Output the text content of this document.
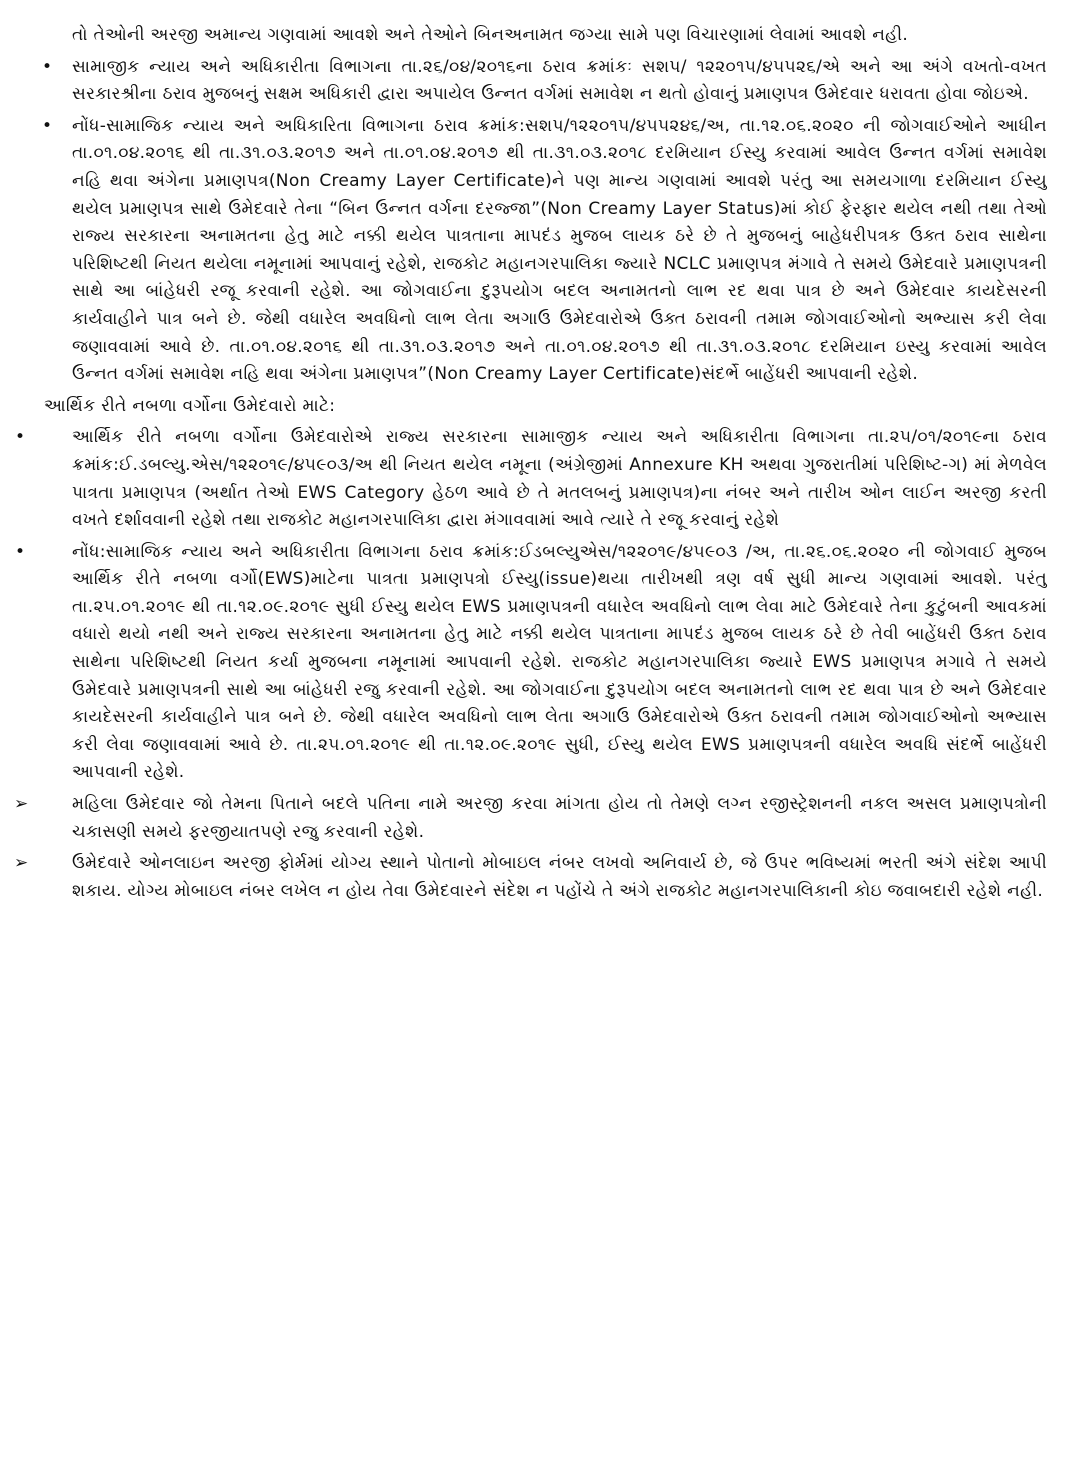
તો તેઓની અરજી અમાન્ય ગણવામાં આવશે અને તેઓને બિનઅનામત જગ્યા સામે પણ વિચારણામાં લેવામાં આવશે નહી.
• સામાજીક ન્યાય અને અધિકારીતા વિભાગના તા.૨૬/૦૪/૨૦૧૬ના ઠરાવ ક્રમાંકઃ સશપ/ ૧૨૨૦૧૫/૪૫૫૨૬/એ અને આ અંગે વખતો-વખત સરકારશ્રીના ઠરાવ મુજબનું સક્ષમ અધિકારી દ્વારા અપાયેલ ઉન્નત વર્ગમાં સમાવેશ ન થતો હોવાનું પ્રમાણપત્ર ઉમેદવાર ધરાવતા હોવા જોઇએ.
• નોંધ-સામાજિક ન્યાય અને અધિકારિતા વિભાગના ઠરાવ ક્રમાંક:સશપ/૧૨૨૦૧૫/૪૫૫૨૪૬/અ, તા.૧૨.૦૬.૨૦૨૦ ની જોગવાઈઓને આધીન તા.૦૧.૦૪.૨૦૧૬ થી તા.૩૧.૦૩.૨૦૧૭ અને તા.૦૧.૦૪.૨૦૧૭ થી તા.૩૧.૦૩.૨૦૧૮ દરમિયાન ઈસ્યુ કરવામાં આવેલ ઉન્નત વર્ગમાં સમાવેશ નહિ થવા અંગેના પ્રમાણપત્ર(Non Creamy Layer Certificate)ને પણ માન્ય ગણવામાં આવશે પરંતુ આ સમયગાળા દરમિયાન ઈસ્યુ થયેલ પ્રમાણપત્ર સાથે ઉમેદવારે તેના “બિન ઉન્નત વર્ગના દરજ્જા”(Non Creamy Layer Status)માં કોઈ ફેરફાર થયેલ નથી તથા તેઓ રાજ્ય સરકારના અનામતના હેતુ માટે નક્કી થયેલ પાત્રતાના માપદંડ મુજબ લાયક ઠરે છે તે મુજબનું બાહેધરીપત્રક ઉક્ત ઠરાવ સાથેના પરિશિષ્ટથી નિયત થયેલા નમૂનામાં આપવાનું રહેશે, રાજકોટ મહાનગરપાલિકા જ્યારે NCLC પ્રમાણપત્ર મંગાવે તે સમયે ઉમેદવારે પ્રમાણપત્રની સાથે આ બાંહેધરી રજૂ કરવાની રહેશે. આ જોગવાઈના દુરૂપયોગ બદલ અનામતનો લાભ રદ થવા પાત્ર છે અને ઉમેદવાર કાયદેસરની કાર્યવાહીને પાત્ર બને છે. જેથી વધારેલ અવધિનો લાભ લેતા અગાઉ ઉમેદવારોએ ઉક્ત ઠરાવની તમામ જોગવાઈઓનો અભ્યાસ કરી લેવા જણાવવામાં આવે છે. તા.૦૧.૦૪.૨૦૧૬ થી તા.૩૧.૦૩.૨૦૧૭ અને તા.૦૧.૦૪.૨૦૧૭ થી તા.૩૧.૦૩.૨૦૧૮ દરમિયાન ઇસ્યુ કરવામાં આવેલ ઉન્નત વર્ગમાં સમાવેશ નહિ થવા અંગેના પ્રમાણપત્ર”(Non Creamy Layer Certificate)સંદર્ભે બાહેંધરી આપવાની રહેશે.
આર્થિક રીતે નબળા વર્ગોના ઉમેદવારો માટે:
•	આર્થિક રીતે નબળા વર્ગોના ઉમેદવારોએ રાજ્ય સરકારના સામાજીક ન્યાય અને અધિકારીતા વિભાગના તા.૨૫/૦૧/૨૦૧૯ના ઠરાવ ક્રમાંક:ઈ.ડબલ્યુ.એસ/૧૨૨૦૧૯/૪૫૯૦૩/અ થી નિયત થયેલ નમૂના (અંગ્રેજીમાં Annexure KH અથવા ગુજરાતીમાં પરિશિષ્ટ-ગ) માં મેળવેલ પાત્રતા પ્રમાણપત્ર (અર્થાત તેઓ EWS Category હેઠળ આવે છે તે મતલબનું પ્રમાણપત્ર)ના નંબર અને તારીખ ઓન લાઈન અરજી કરતી વખતે દર્શાવવાની રહેશે તથા રાજકોટ મહાનગરપાલિકા દ્વારા મંગાવવામાં આવે ત્યારે તે રજૂ કરવાનું રહેશે
•	નોંધ:સામાજિક ન્યાય અને અધિકારીતા વિભાગના ઠરાવ ક્રમાંક:ઈડબલ્યુએસ/૧૨૨૦૧૯/૪૫૯૦૩ /અ, તા.૨૬.૦૬.૨૦૨૦ ની જોગવાઈ મુજબ આર્થિક રીતે નબળા વર્ગો(EWS)માટેના પાત્રતા પ્રમાણપત્રો ઈસ્યુ(issue)થયા તારીખથી ત્રણ વર્ષ સુધી માન્ય ગણવામાં આવશે. પરંતુ તા.૨૫.૦૧.૨૦૧૯ થી તા.૧૨.૦૯.૨૦૧૯ સુધી ઈસ્યુ થયેલ EWS પ્રમાણપત્રની વધારેલ અવધિનો લાભ લેવા માટે ઉમેદવારે તેના કુટુંબની આવકમાં વધારો થયો નથી અને રાજ્ય સરકારના અનામતના હેતુ માટે નક્કી થયેલ પાત્રતાના માપદંડ મુજબ લાયક ઠરે છે તેવી બાહેંધરી ઉક્ત ઠરાવ સાથેના પરિશિષ્ટથી નિયત કર્યા મુજબના નમૂનામાં આપવાની રહેશે. રાજકોટ મહાનગરપાલિકા જ્યારે EWS પ્રમાણપત્ર મગાવે તે સમયે ઉમેદવારે પ્રમાણપત્રની સાથે આ બાંહેધરી રજુ કરવાની રહેશે. આ જોગવાઈના દુરૂપયોગ બદલ અનામતનો લાભ રદ થવા પાત્ર છે અને ઉમેદવાર કાયદેસરની કાર્યવાહીને પાત્ર બને છે. જેથી વધારેલ અવધિનો લાભ લેતા અગાઉ ઉમેદવારોએ ઉક્ત ઠરાવની તમામ જોગવાઈઓનો અભ્યાસ કરી લેવા જણાવવામાં આવે છે. તા.૨૫.૦૧.૨૦૧૯ થી તા.૧૨.૦૯.૨૦૧૯ સુધી, ઈસ્યુ થયેલ EWS પ્રમાણપત્રની વધારેલ અવધિ સંદર્ભે બાહેંધરી આપવાની રહેશે.
➢	મહિલા ઉમેદવાર જો તેમના પિતાને બદલે પતિના નામે અરજી કરવા માંગતા હોય તો તેમણે લગ્ન રજીસ્ટ્રેશનની નકલ અસલ પ્રમાણપત્રોની ચકાસણી સમયે ફરજીયાતપણે રજુ કરવાની રહેશે.
➢	ઉમેદવારે ઓનલાઇન અરજી ફોર્મમાં યોગ્ય સ્થાને પોતાનો મોબાઇલ નંબર લખવો અનિવાર્ય છે, જે ઉપર ભવિષ્યમાં ભરતી અંગે સંદેશ આપી શકાય. યોગ્ય મોબાઇલ નંબર લખેલ ન હોય તેવા ઉમેદવારને સંદેશ ન પહોંચે તે અંગે રાજકોટ મહાનગરપાલિકાની કોઇ જવાબદારી રહેશે નહી.
